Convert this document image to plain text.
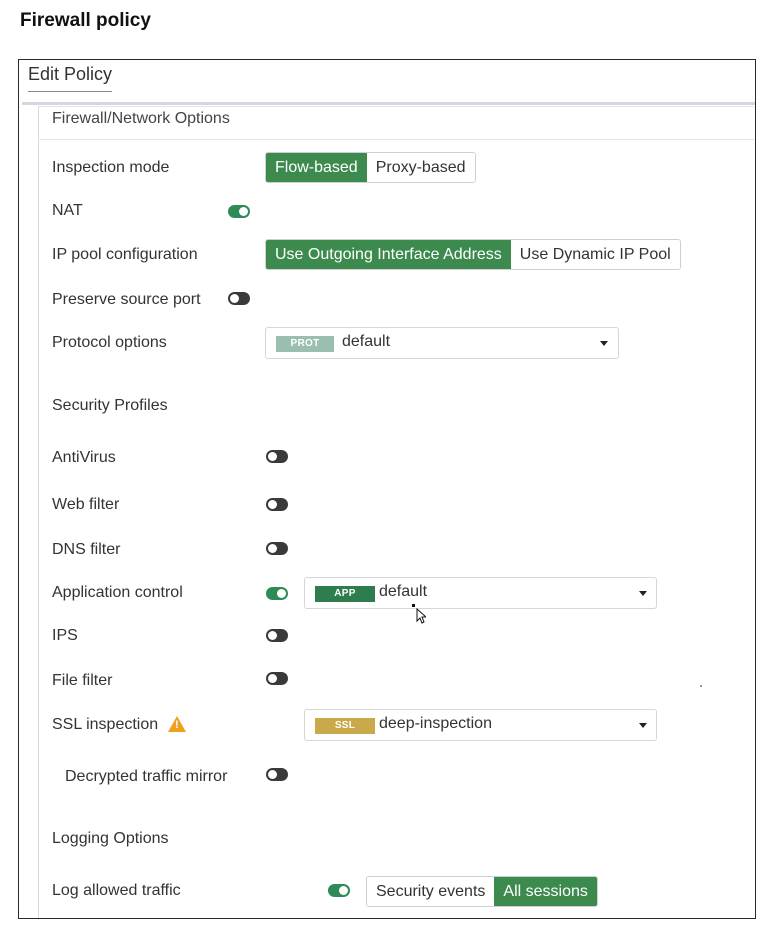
Firewall policy
Edit Policy
Firewall/Network Options
Inspection mode	Flow-based	Proxy-based
NAT
IP pool configuration	Use Outgoing Interface Address	Use Dynamic IP Pool
Preserve source port
Protocol options	PROT	default
Security Profiles
AntiVirus
Web filter
DNS filter
Application control	APP	default
IPS
File filter
SSL inspection !	SSL	deep-inspection
Decrypted traffic mirror
Logging Options
Log allowed traffic	Security events	All sessions
